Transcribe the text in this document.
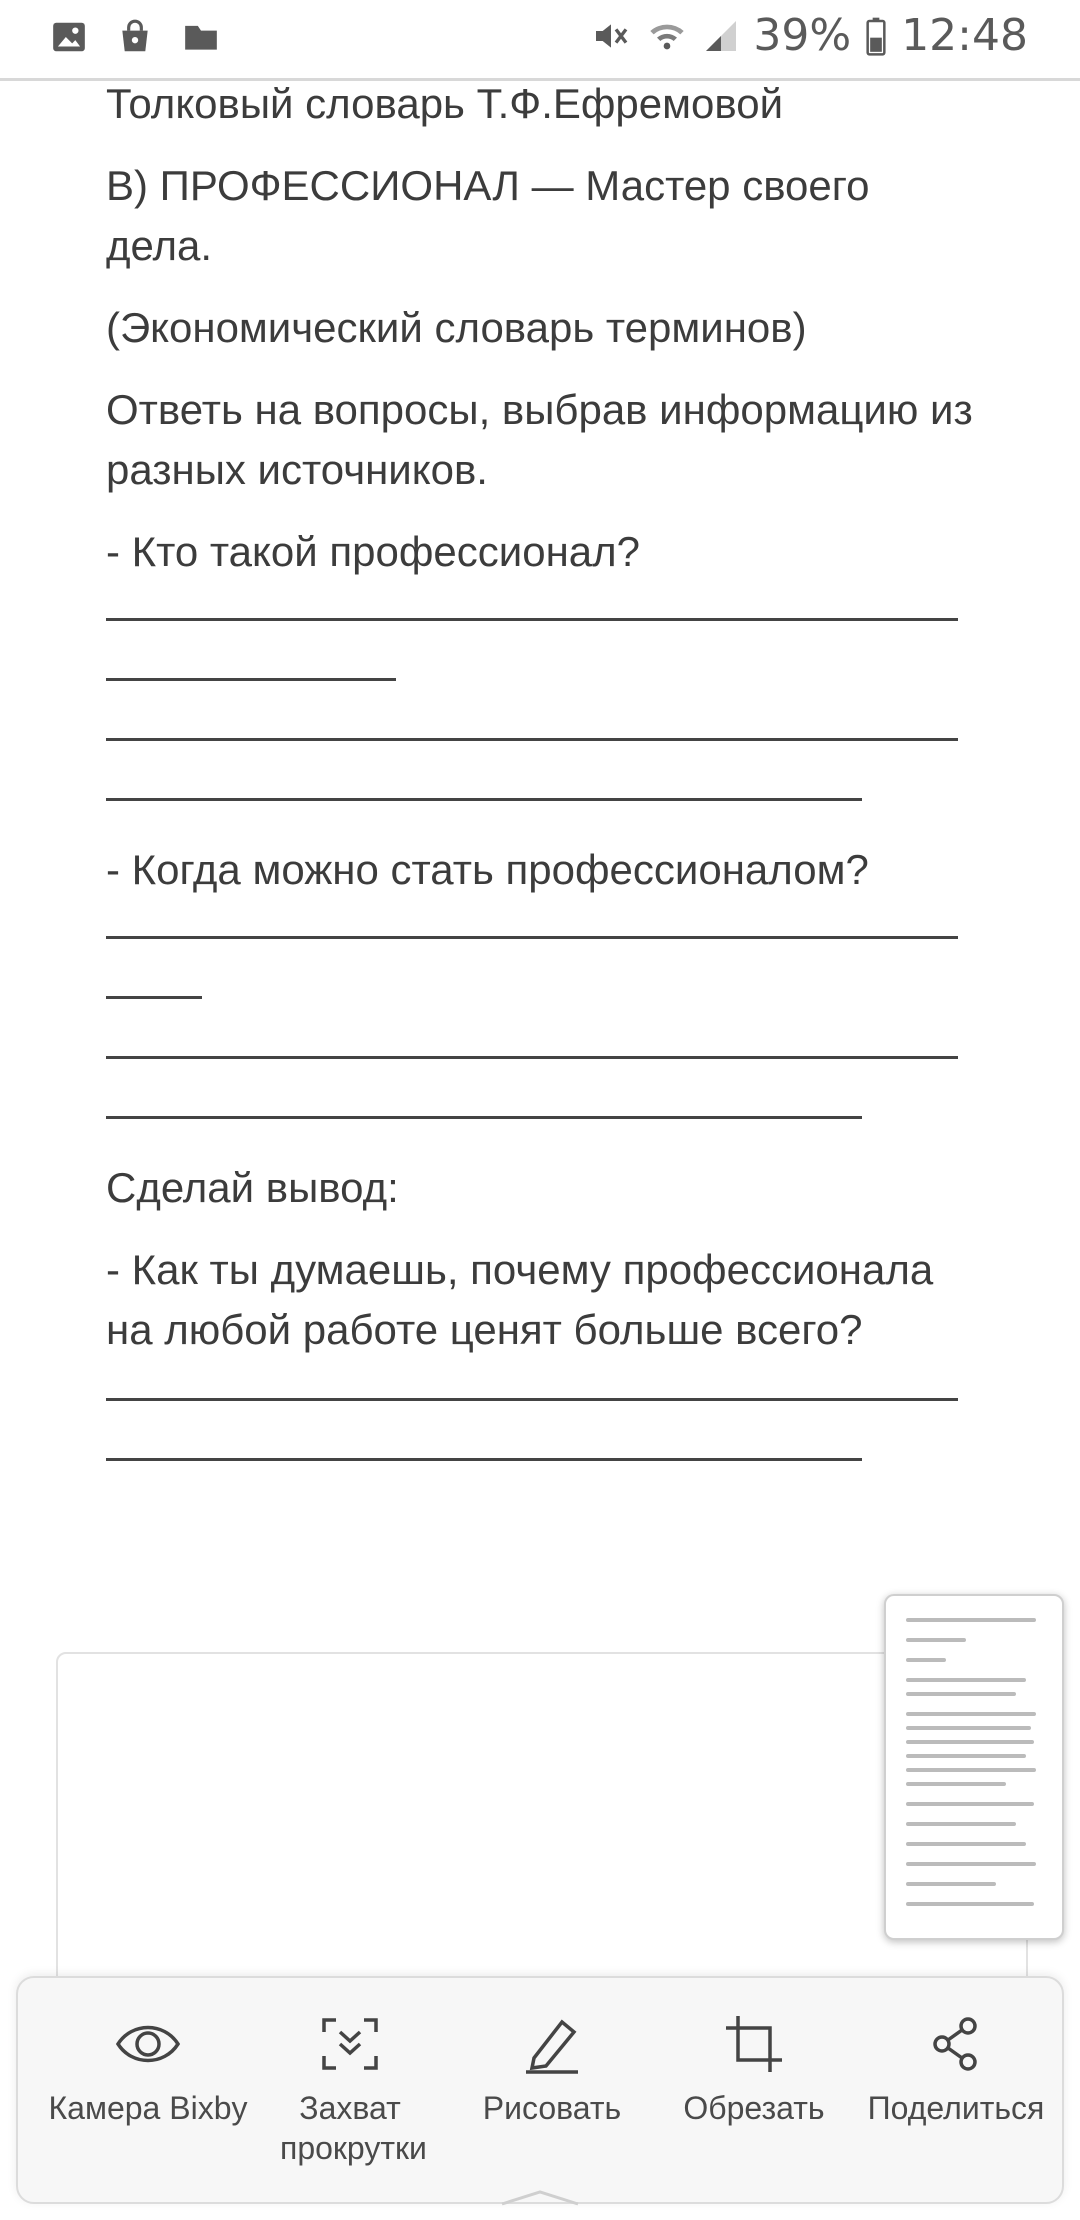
39% 12:48

Толковый словарь Т.Ф.Ефремовой

В) ПРОФЕССИОНАЛ — Мастер своего дела.

(Экономический словарь терминов)

Ответь на вопросы, выбрав информацию из разных источников.

- Кто такой профессионал?

- Когда можно стать профессионалом?

Сделай вывод:

- Как ты думаешь, почему профессионала на любой работе ценят больше всего?

Камера Bixby	Захват прокрутки
Рисовать	Обрезать	Поделиться
